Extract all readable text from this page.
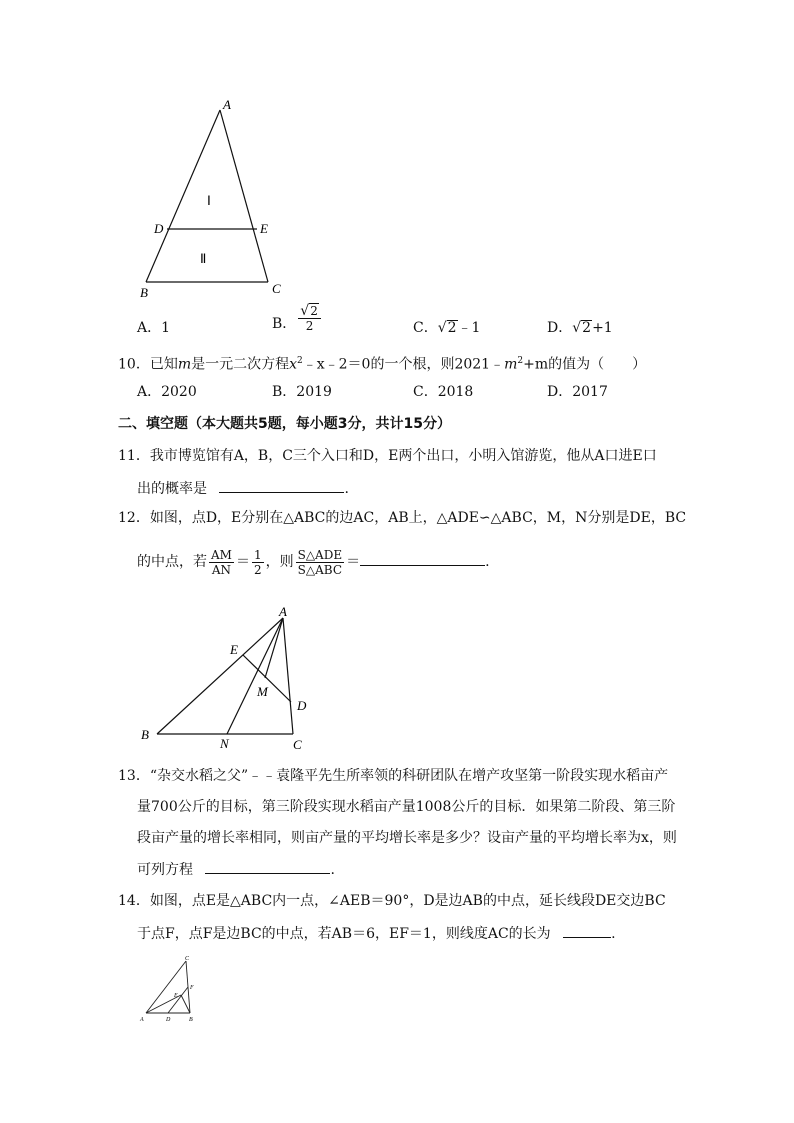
A
B	C
D	E
Ⅰ
Ⅱ
A．1	B． $\frac{√2}{2}$	C．√2﹣1	D．√2+1
10．已知m是一元二次方程$x^2﹣x﹣2=0$的一个根，则$2021﹣m^2+m$的值为（　　）
A．2020	B．2019	C．2018	D．2017
二、填空题（本大题共5题，每小题3分，共计15分）
11．我市博览馆有A，B，C三个入口和D，E两个出口，小明入馆游览，他从A口进E口
出的概率是	.
12．如图，点D，E分别在△ABC的边AC，AB上，△ADE∽△ABC，M，N分别是DE，BC
的中点，若 $\frac{AM}{AN} = \frac{1}{2}$ ，则 $\frac{\text{S△ADE}}{\text{S△ABC}}$ ＝	.
A
B
C
D
E
M
N
13．“杂交水稻之父”﹣﹣袁隆平先生所率领的科研团队在增产攻坚第一阶段实现水稻亩产
量700公斤的目标，第三阶段实现水稻亩产量1008公斤的目标．如果第二阶段、第三阶
段亩产量的增长率相同，则亩产量的平均增长率是多少？设亩产量的平均增长率为x，则
可列方程	.
14．如图，点E是△ABC内一点，∠AEB＝90°，D是边AB的中点，延长线段DE交边BC
于点F，点F是边BC的中点，若AB＝6，EF＝1，则线度AC的长为	.
A	B
C
D
E
F
